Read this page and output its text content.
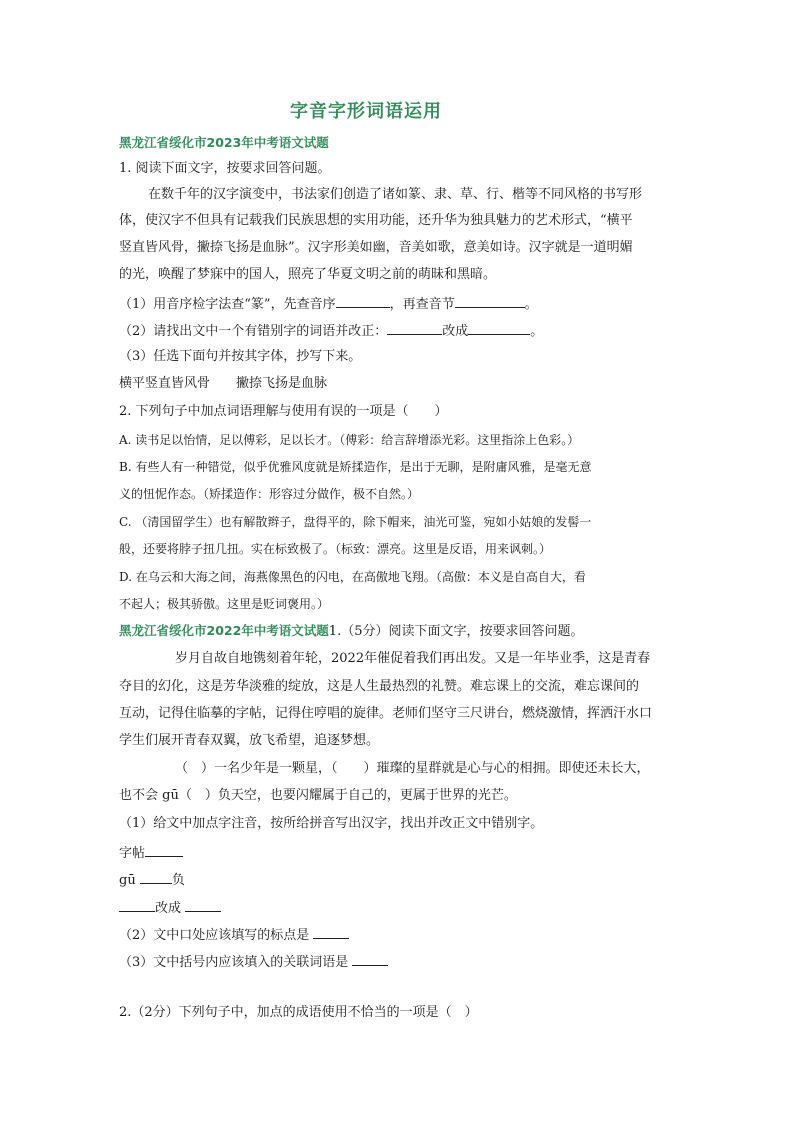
字音字形词语运用
黑龙江省绥化市2023年中考语文试题
1. 阅读下面文字，按要求回答问题。
在数千年的汉字演变中，书法家们创造了诸如篆、隶、草、行、楷等不同风格的书写形
体，使汉字不但具有记载我们民族思想的实用功能，还升华为独具魅力的艺术形式，“横平
竖直皆风骨，撇捺飞扬是血脉”。汉字形美如幽，音美如歌，意美如诗。汉字就是一道明媚
的光，唤醒了梦寐中的国人，照亮了华夏文明之前的萌昧和黑暗。
（1）用音序检字法查“篆”，先查音序	，再查音节	。
（2）请找出文中一个有错别字的词语并改正：	改成	。
（3）任选下面句并按其字体，抄写下来。
横平竖直皆风骨　　撇捺飞扬是血脉
2. 下列句子中加点词语理解与使用有误的一项是（　　）
A. 读书足以怡情，足以傅彩，足以长才。（傅彩：给言辞增添光彩。这里指涂上色彩。）
B. 有些人有一种错觉，似乎优雅风度就是矫揉造作，是出于无聊，是附庸风雅，是毫无意
义的忸怩作态。（矫揉造作：形容过分做作，极不自然。）
C. （清国留学生）也有解散辫子，盘得平的，除下帽来，油光可鉴，宛如小姑娘的发髻一
般，还要将脖子扭几扭。实在标致极了。（标致：漂亮。这里是反语，用来讽刺。）
D. 在乌云和大海之间，海燕像黑色的闪电，在高傲地飞翔。（高傲：本义是自高自大，看
不起人；极其骄傲。这里是贬词褒用。）
黑龙江省绥化市2022年中考语文试题1.（5分）阅读下面文字，按要求回答问题。
岁月自故自地镌刻着年轮，2022年催促着我们再出发。又是一年毕业季，这是青春
夺目的幻化，这是芳华淡雅的绽放，这是人生最热烈的礼赞。难忘课上的交流，难忘课间的
互动，记得住临摹的字帖，记得住哼唱的旋律。老师们坚守三尺讲台，燃烧激情，挥洒汗水口
学生们展开青春双翼，放飞希望，追逐梦想。
（　）一名少年是一颗星，（　　）璀璨的星群就是心与心的相拥。即使还未长大，
也不会 gū（　）负天空，也要闪耀属于自己的，更属于世界的光芒。
（1）给文中加点字注音，按所给拼音写出汉字，找出并改正文中错别字。
字帖
gū	负
改成
（2）文中口处应该填写的标点是
（3）文中括号内应该填入的关联词语是
2.（2分）下列句子中，加点的成语使用不恰当的一项是（　）
